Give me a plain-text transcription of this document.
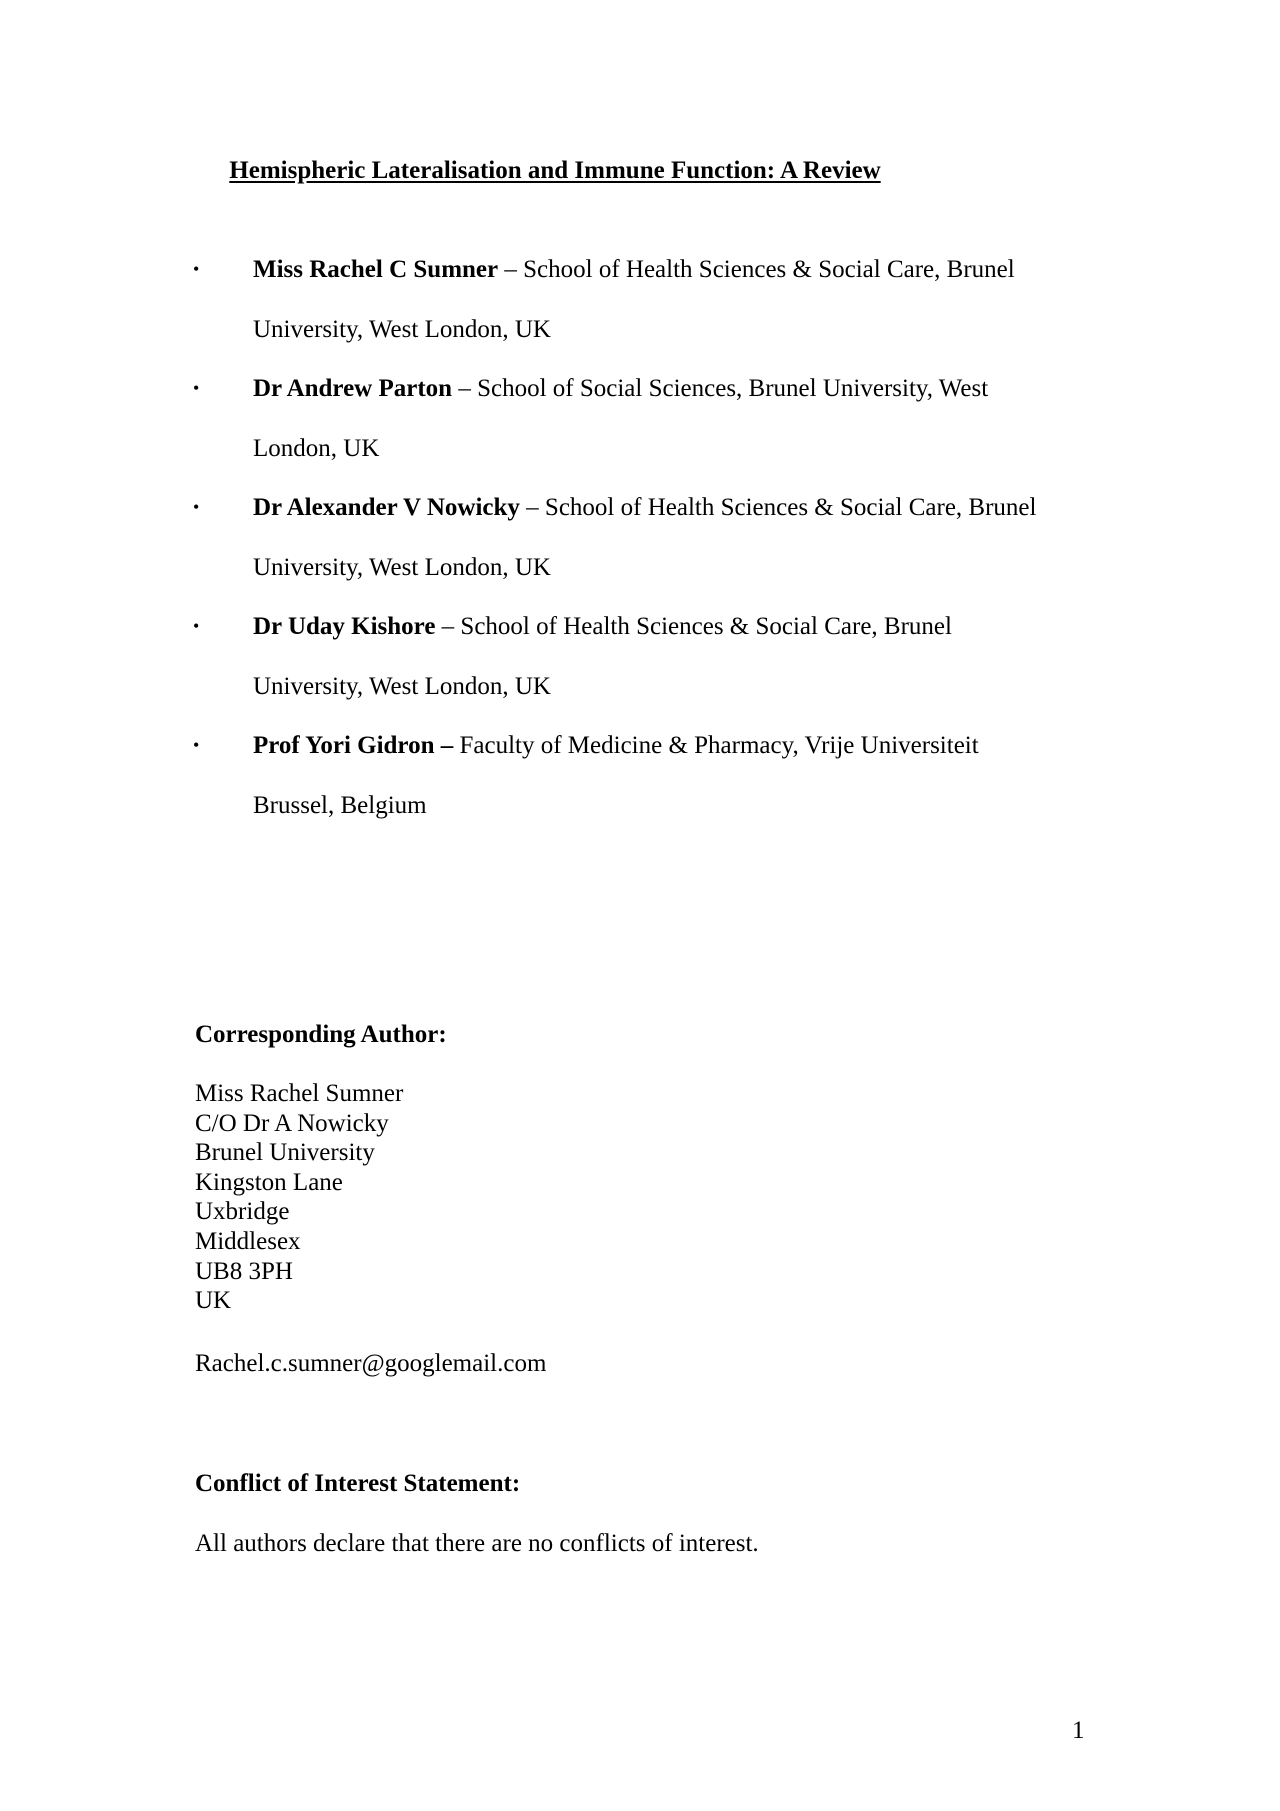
Hemispheric Lateralisation and Immune Function: A Review
• Miss Rachel C Sumner – School of Health Sciences & Social Care, Brunel
University, West London, UK
• Dr Andrew Parton – School of Social Sciences, Brunel University, West
London, UK
• Dr Alexander V Nowicky – School of Health Sciences & Social Care, Brunel
University, West London, UK
• Dr Uday Kishore – School of Health Sciences & Social Care, Brunel
University, West London, UK
• Prof Yori Gidron – Faculty of Medicine & Pharmacy, Vrije Universiteit
Brussel, Belgium

Corresponding Author:

Miss Rachel Sumner
C/O Dr A Nowicky
Brunel University
Kingston Lane
Uxbridge
Middlesex
UB8 3PH
UK
Rachel.c.sumner@googlemail.com

Conflict of Interest Statement:

All authors declare that there are no conflicts of interest.
1
